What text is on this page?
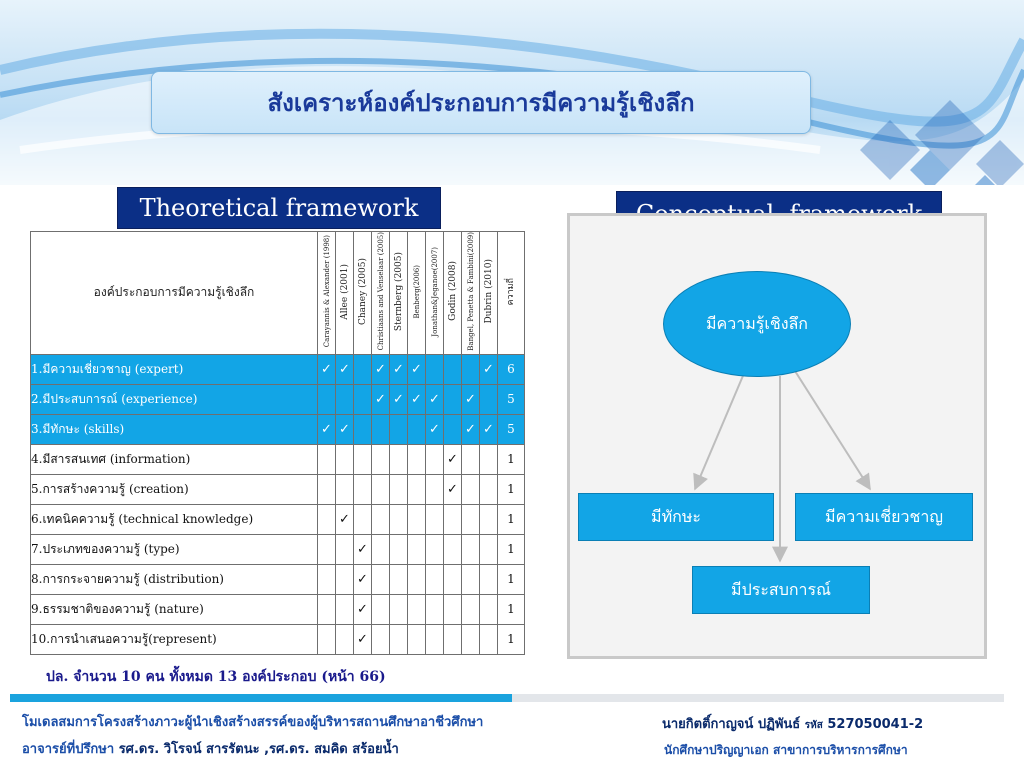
สังเคราะห์องค์ประกอบการมีความรู้เชิงลึก
Theoretical framework
องค์ประกอบการมีความรู้เชิงลึก	Carayannis & Alexander (1998)	Allee (2001)	Chaney (2005)	Christiaans and Venselaar (2005)	Sternberg (2005)	Benberg(2006)	Jonathan&Jeganoe(2007)	Godin (2008)	Bangel, Penetta & Fambini(2009)	Dubrin (2010)	ความถี่
1.มีความเชี่ยวชาญ (expert)	✓	✓		✓	✓	✓				✓	6
2.มีประสบการณ์ (experience)				✓	✓	✓	✓		✓		5
3.มีทักษะ (skills)	✓	✓					✓		✓	✓	5
4.มีสารสนเทศ (information)								✓			1
5.การสร้างความรู้ (creation)								✓			1
6.เทคนิคความรู้ (technical knowledge)		✓									1
7.ประเภทของความรู้ (type)			✓								1
8.การกระจายความรู้ (distribution)			✓								1
9.ธรรมชาติของความรู้ (nature)			✓								1
10.การนำเสนอความรู้(represent)			✓								1
ปล. จำนวน 10 คน ทั้งหมด 13 องค์ประกอบ (หน้า 66)
มีความรู้เชิงลึก
มีทักษะ	มีความเชี่ยวชาญ
มีประสบการณ์
โมเดลสมการโครงสร้างภาวะผู้นำเชิงสร้างสรรค์ของผู้บริหารสถานศึกษาอาชีวศึกษา
อาจารย์ที่ปรึกษา รศ.ดร. วิโรจน์ สารรัตนะ ,รศ.ดร. สมคิด สร้อยน้ำ
นายกิตติ์กาญจน์ ปฏิพันธ์ รหัส 527050041-2
นักศึกษาปริญญาเอก สาขาการบริหารการศึกษา
